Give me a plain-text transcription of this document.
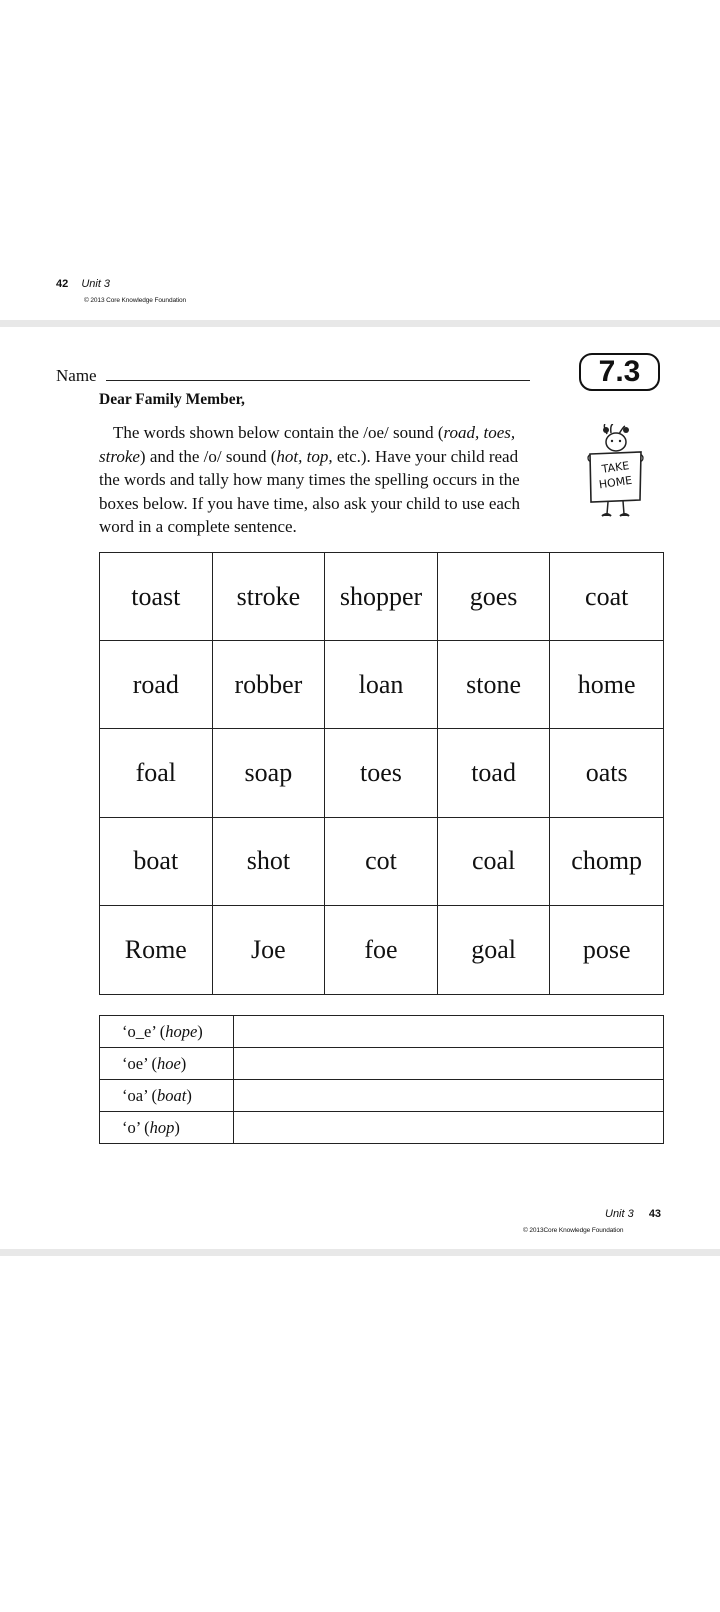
42 Unit 3
© 2013 Core Knowledge Foundation
Name	7.3
Dear Family Member,

The words shown below contain the /oe/ sound (road, toes, stroke) and the /o/ sound (hot, top, etc.). Have your child read the words and tally how many times the spelling occurs in the boxes below. If you have time, also ask your child to use each word in a complete sentence.

TAKE
HOME
toast	stroke	shopper	goes	coat
road	robber	loan	stone	home
foal	soap	toes	toad	oats
boat	shot	cot	coal	chomp
Rome	Joe	foe	goal	pose
‘o_e’ (hope)	
‘oe’ (hoe)	
‘oa’ (boat)	
‘o’ (hop)	
Unit 3 43
© 2013Core Knowledge Foundation
